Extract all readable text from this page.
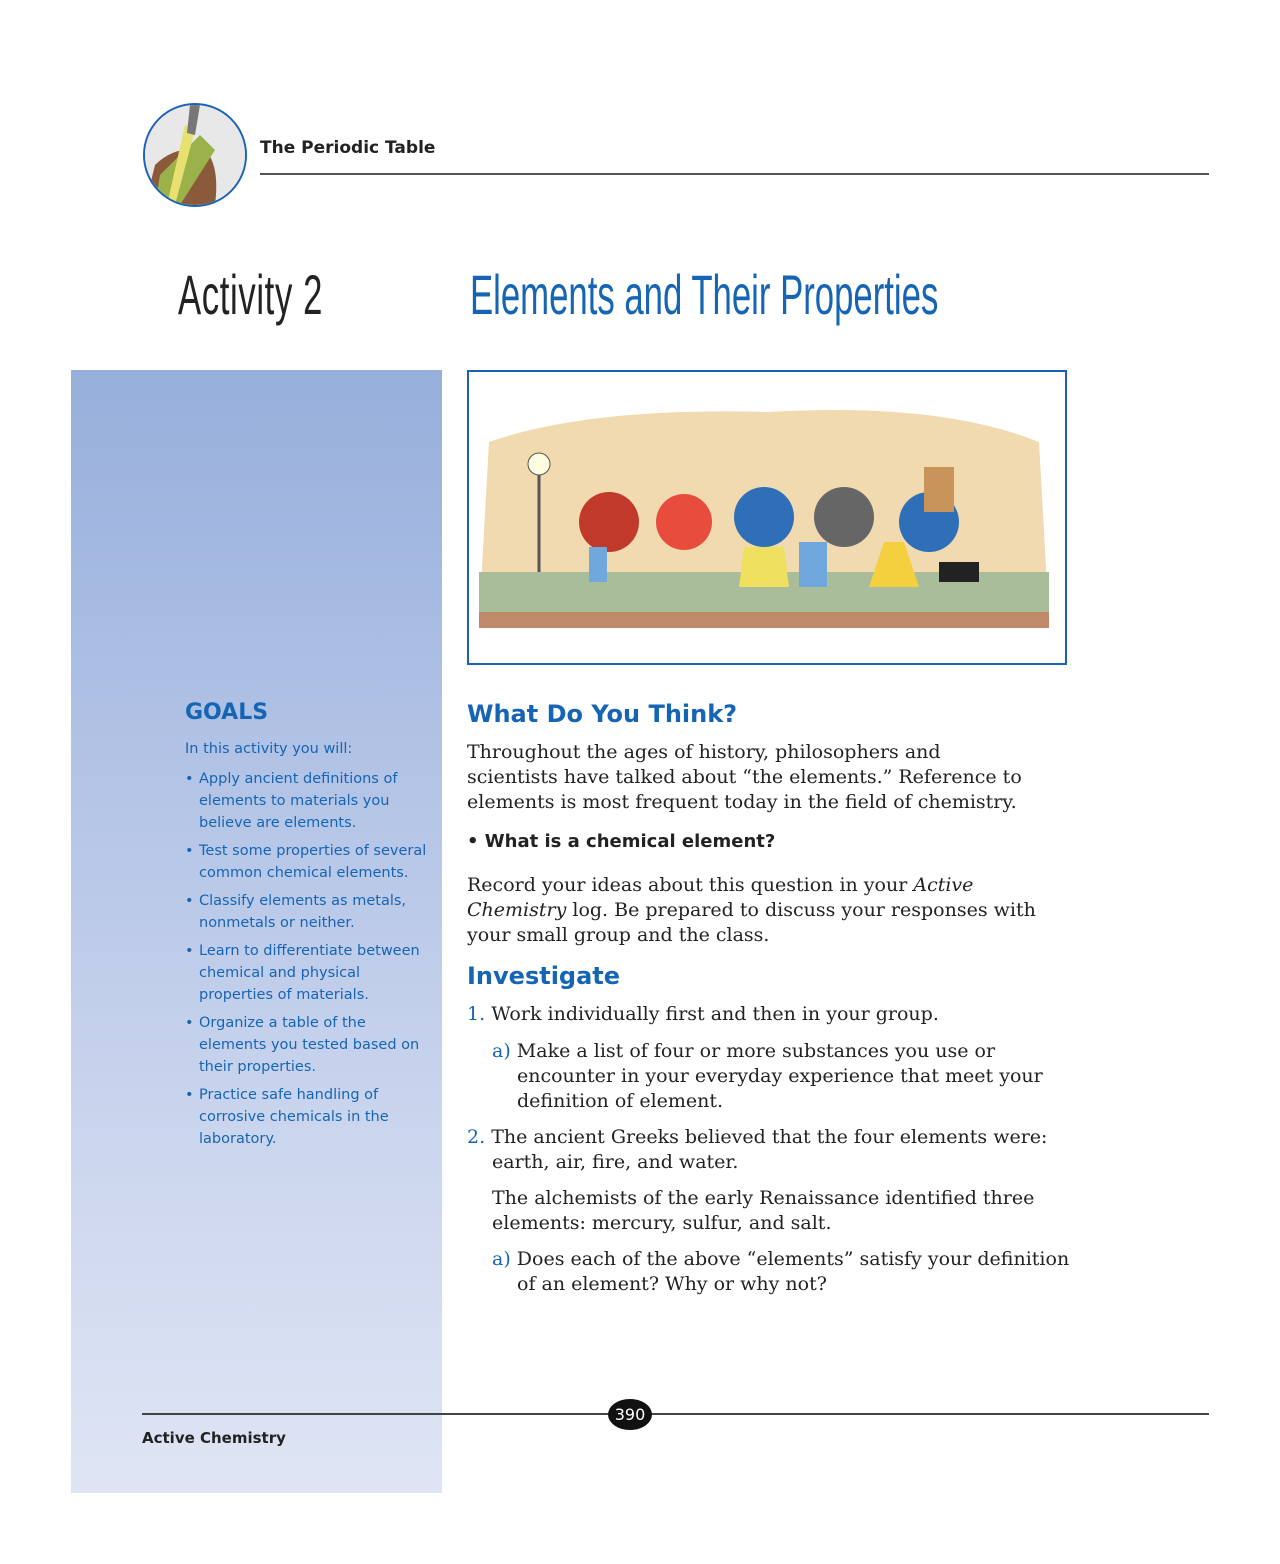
The Periodic Table
Activity 2	Elements and Their Properties
GOALS
In this activity you will:
• Apply ancient definitions of elements to materials you believe are elements.
• Test some properties of several common chemical elements.
• Classify elements as metals, nonmetals or neither.
• Learn to differentiate between chemical and physical properties of materials.
• Organize a table of the elements you tested based on their properties.
• Practice safe handling of corrosive chemicals in the laboratory.
What Do You Think?
Throughout the ages of history, philosophers and scientists have talked about “the elements.” Reference to elements is most frequent today in the field of chemistry.
• What is a chemical element?
Record your ideas about this question in your Active Chemistry log. Be prepared to discuss your responses with your small group and the class.
Investigate
1. Work individually first and then in your group.
a) Make a list of four or more substances you use or encounter in your everyday experience that meet your definition of element.
2. The ancient Greeks believed that the four elements were: earth, air, fire, and water.
The alchemists of the early Renaissance identified three elements: mercury, sulfur, and salt.
a) Does each of the above “elements” satisfy your definition of an element? Why or why not?
390
Active Chemistry
